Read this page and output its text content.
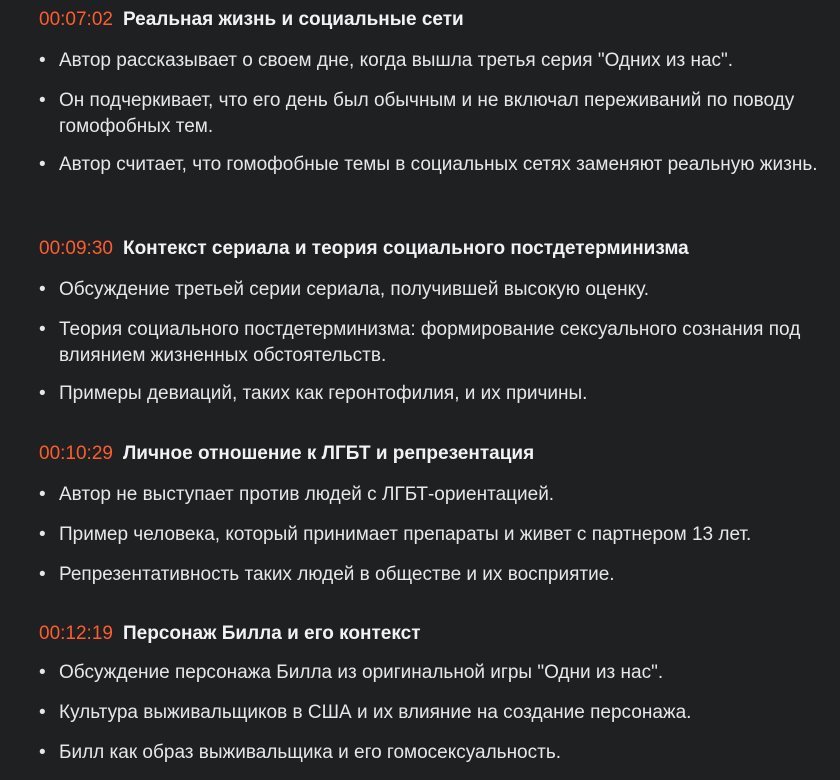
00:07:02 Реальная жизнь и социальные сети
• Автор рассказывает о своем дне, когда вышла третья серия "Одних из нас".
• Он подчеркивает, что его день был обычным и не включал переживаний по поводу гомофобных тем.
• Автор считает, что гомофобные темы в социальных сетях заменяют реальную жизнь.
00:09:30 Контекст сериала и теория социального постдетерминизма
• Обсуждение третьей серии сериала, получившей высокую оценку.
• Теория социального постдетерминизма: формирование сексуального сознания под влиянием жизненных обстоятельств.
• Примеры девиаций, таких как геронтофилия, и их причины.
00:10:29 Личное отношение к ЛГБТ и репрезентация
• Автор не выступает против людей с ЛГБТ-ориентацией.
• Пример человека, который принимает препараты и живет с партнером 13 лет.
• Репрезентативность таких людей в обществе и их восприятие.
00:12:19 Персонаж Билла и его контекст
• Обсуждение персонажа Билла из оригинальной игры "Одни из нас".
• Культура выживальщиков в США и их влияние на создание персонажа.
• Билл как образ выживальщика и его гомосексуальность.
